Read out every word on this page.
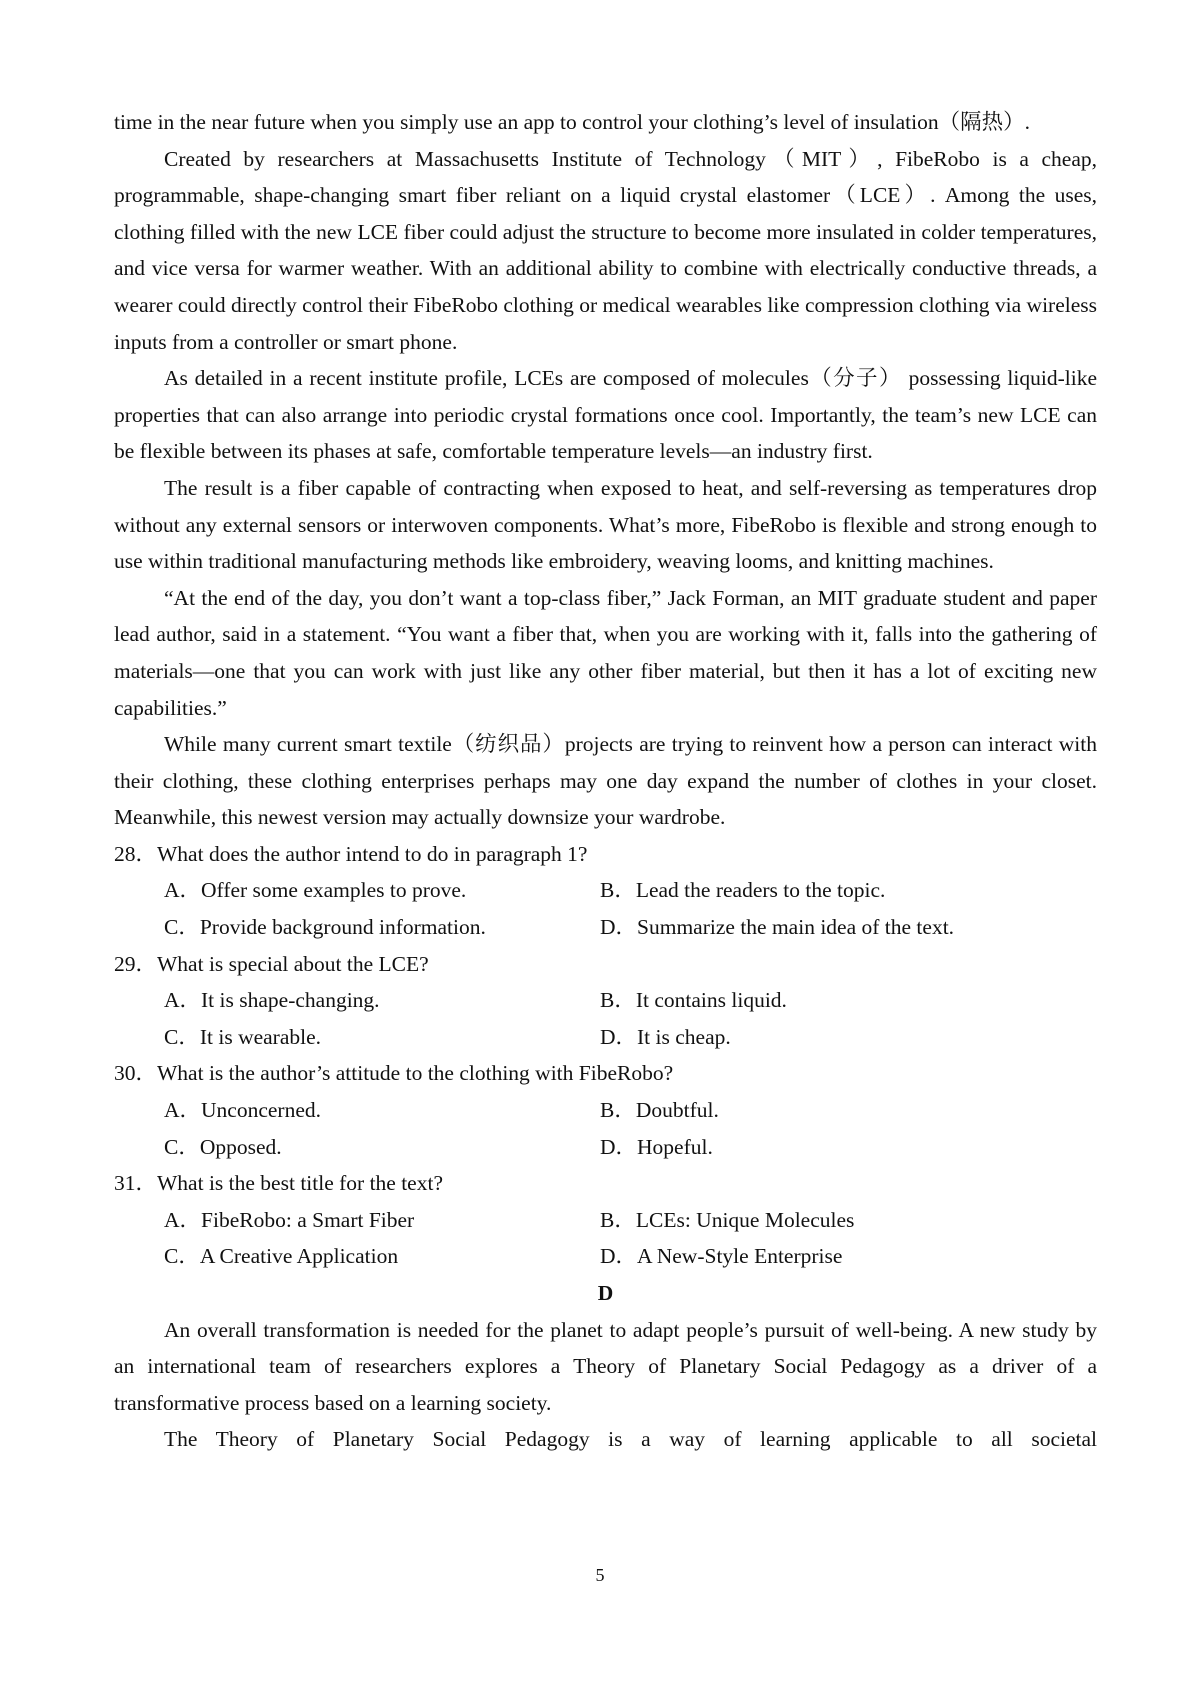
time in the near future when you simply use an app to control your clothing’s level of insulation（隔热）.

Created by researchers at Massachusetts Institute of Technology（MIT）, FibeRobo is a cheap, programmable, shape-changing smart fiber reliant on a liquid crystal elastomer（LCE）. Among the uses, clothing filled with the new LCE fiber could adjust the structure to become more insulated in colder temperatures, and vice versa for warmer weather. With an additional ability to combine with electrically conductive threads, a wearer could directly control their FibeRobo clothing or medical wearables like compression clothing via wireless inputs from a controller or smart phone.

As detailed in a recent institute profile, LCEs are composed of molecules（分子） possessing liquid-like properties that can also arrange into periodic crystal formations once cool. Importantly, the team’s new LCE can be flexible between its phases at safe, comfortable temperature levels—an industry first.

The result is a fiber capable of contracting when exposed to heat, and self-reversing as temperatures drop without any external sensors or interwoven components. What’s more, FibeRobo is flexible and strong enough to use within traditional manufacturing methods like embroidery, weaving looms, and knitting machines.

“At the end of the day, you don’t want a top-class fiber,” Jack Forman, an MIT graduate student and paper lead author, said in a statement. “You want a fiber that, when you are working with it, falls into the gathering of materials—one that you can work with just like any other fiber material, but then it has a lot of exciting new capabilities.”

While many current smart textile（纺织品）projects are trying to reinvent how a person can interact with their clothing, these clothing enterprises perhaps may one day expand the number of clothes in your closet. Meanwhile, this newest version may actually downsize your wardrobe.

28．What does the author intend to do in paragraph 1?
A．Offer some examples to prove.	B．Lead the readers to the topic.
C．Provide background information.	D．Summarize the main idea of the text.
29．What is special about the LCE?
A．It is shape-changing.	B．It contains liquid.
C．It is wearable.	D．It is cheap.
30．What is the author’s attitude to the clothing with FibeRobo?
A．Unconcerned.	B．Doubtful.
C．Opposed.	D．Hopeful.
31．What is the best title for the text?
A．FibeRobo: a Smart Fiber	B．LCEs: Unique Molecules
C．A Creative Application	D．A New-Style Enterprise
D

An overall transformation is needed for the planet to adapt people’s pursuit of well-being. A new study by an international team of researchers explores a Theory of Planetary Social Pedagogy as a driver of a transformative process based on a learning society.

The Theory of Planetary Social Pedagogy is a way of learning applicable to all societal

5
